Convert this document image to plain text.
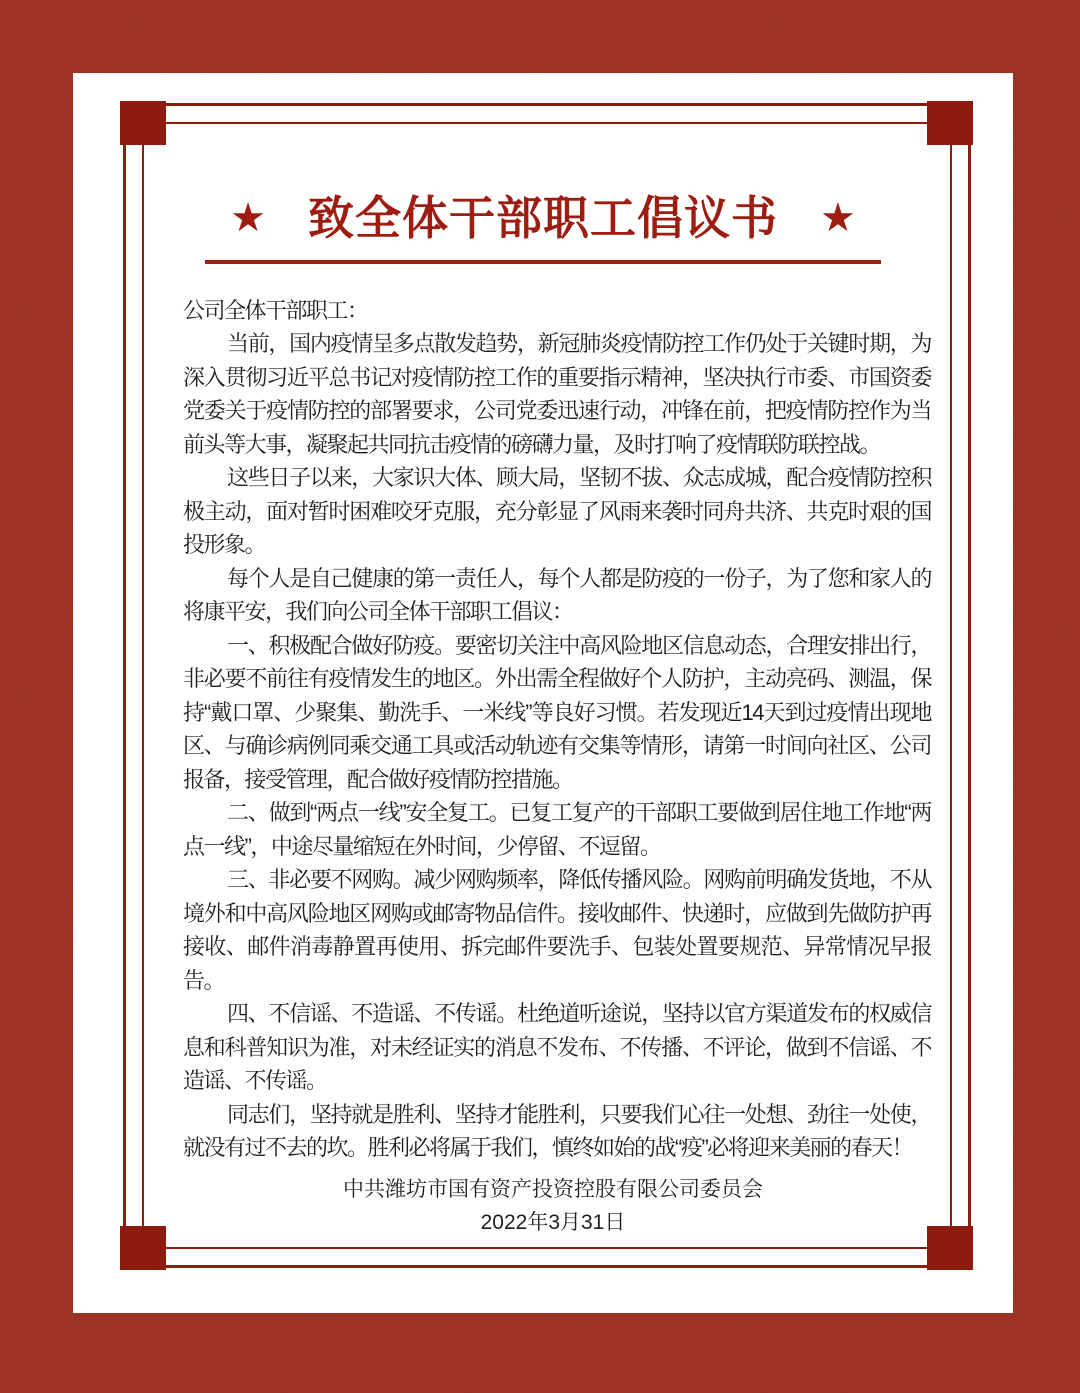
★ 致全体干部职工倡议书 ★
公司全体干部职工：

当前，国内疫情呈多点散发趋势，新冠肺炎疫情防控工作仍处于关键时期，为深入贯彻习近平总书记对疫情防控工作的重要指示精神，坚决执行市委、市国资委党委关于疫情防控的部署要求，公司党委迅速行动，冲锋在前，把疫情防控作为当前头等大事，凝聚起共同抗击疫情的磅礴力量，及时打响了疫情联防联控战。

这些日子以来，大家识大体、顾大局，坚韧不拔、众志成城，配合疫情防控积极主动，面对暂时困难咬牙克服，充分彰显了风雨来袭时同舟共济、共克时艰的国投形象。

每个人是自己健康的第一责任人，每个人都是防疫的一份子，为了您和家人的将康平安，我们向公司全体干部职工倡议：

一、积极配合做好防疫。要密切关注中高风险地区信息动态，合理安排出行，非必要不前往有疫情发生的地区。外出需全程做好个人防护，主动亮码、测温，保持“戴口罩、少聚集、勤洗手、一米线”等良好习惯。若发现近14天到过疫情出现地区、与确诊病例同乘交通工具或活动轨迹有交集等情形，请第一时间向社区、公司报备，接受管理，配合做好疫情防控措施。

二、做到“两点一线”安全复工。已复工复产的干部职工要做到居住地工作地“两点一线”，中途尽量缩短在外时间，少停留、不逗留。

三、非必要不网购。减少网购频率，降低传播风险。网购前明确发货地，不从境外和中高风险地区网购或邮寄物品信件。接收邮件、快递时，应做到先做防护再接收、邮件消毒静置再使用、拆完邮件要洗手、包装处置要规范、异常情况早报告。

四、不信谣、不造谣、不传谣。杜绝道听途说，坚持以官方渠道发布的权威信息和科普知识为准，对未经证实的消息不发布、不传播、不评论，做到不信谣、不造谣、不传谣。

同志们，坚持就是胜利、坚持才能胜利，只要我们心往一处想、劲往一处使，就没有过不去的坎。胜利必将属于我们，慎终如始的战“疫”必将迎来美丽的春天！

中共潍坊市国有资产投资控股有限公司委员会
2022年3月31日
